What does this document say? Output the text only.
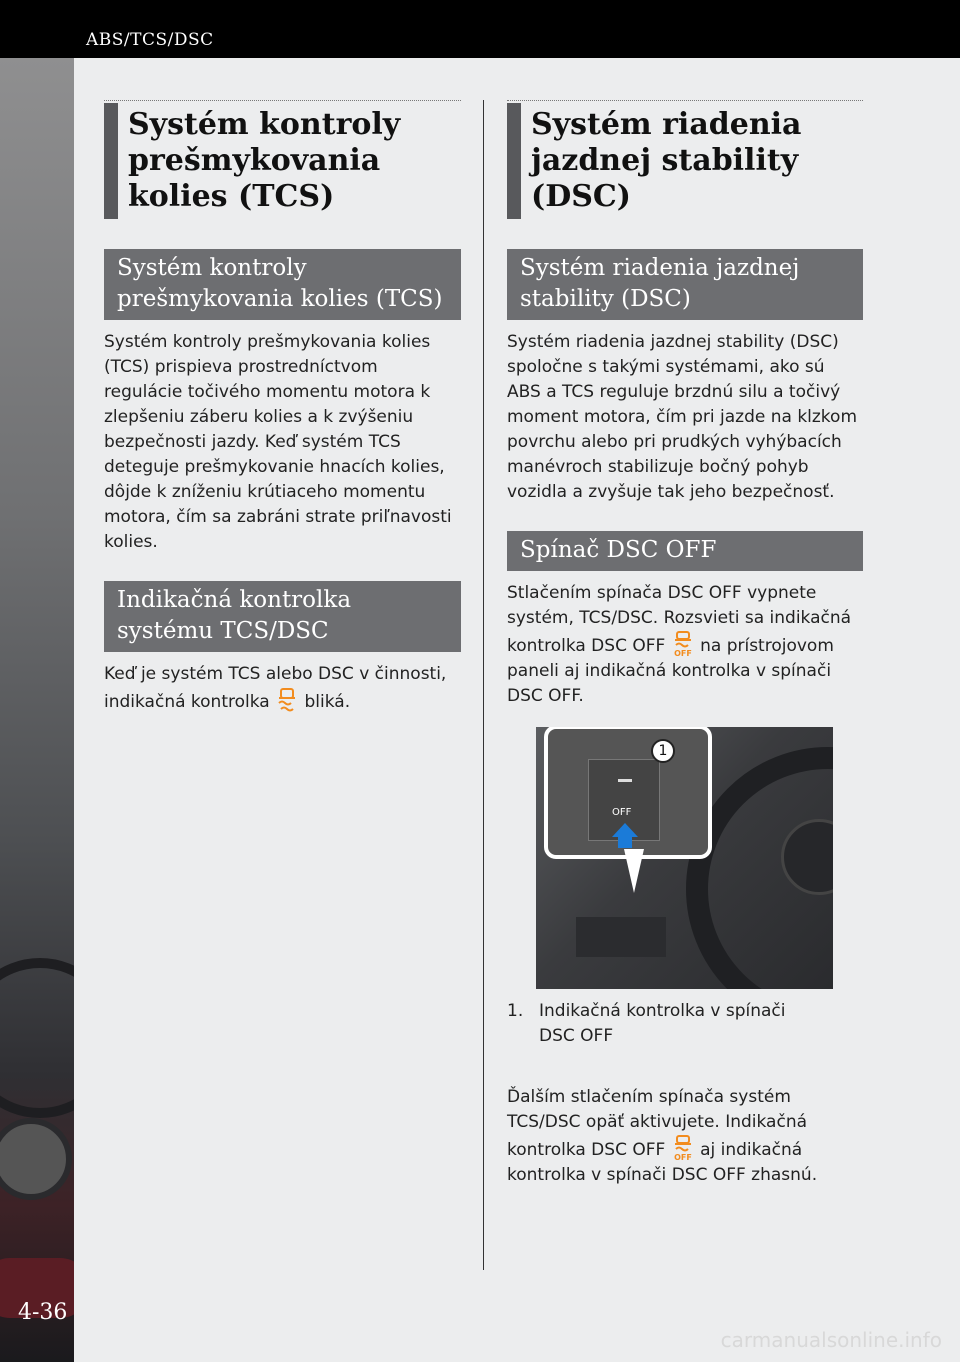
ABS/TCS/DSC
4-36
carmanualsonline.info
Systém kontroly prešmykovania kolies (TCS)
Systém kontroly prešmykovania kolies (TCS)

Systém kontroly prešmykovania kolies (TCS) prispieva prostredníctvom regulácie točivého momentu motora k zlepšeniu záberu kolies a k zvýšeniu bezpečnosti jazdy. Keď systém TCS deteguje prešmykovanie hnacích kolies, dôjde k zníženiu krútiaceho momentu motora, čím sa zabráni strate priľnavosti kolies.

Indikačná kontrolka systému TCS/DSC

Keď je systém TCS alebo DSC v činnosti, indikačná kontrolka bliká.

Systém riadenia jazdnej stability (DSC)
Systém riadenia jazdnej stability (DSC)

Systém riadenia jazdnej stability (DSC) spoločne s takými systémami, ako sú ABS a TCS reguluje brzdnú silu a točivý moment motora, čím pri jazde na klzkom povrchu alebo pri prudkých vyhýbacích manévroch stabilizuje bočný pohyb vozidla a zvyšuje tak jeho bezpečnosť.

Spínač DSC OFF

Stlačením spínača DSC OFF vypnete systém, TCS/DSC. Rozsvieti sa indikačná kontrolka DSC OFF OFF na prístrojovom paneli aj indikačná kontrolka v spínači DSC OFF.

OFF
1
1. Indikačná kontrolka v spínači DSC OFF

Ďalším stlačením spínača systém TCS/DSC opäť aktivujete. Indikačná kontrolka DSC OFF OFF aj indikačná kontrolka v spínači DSC OFF zhasnú.
